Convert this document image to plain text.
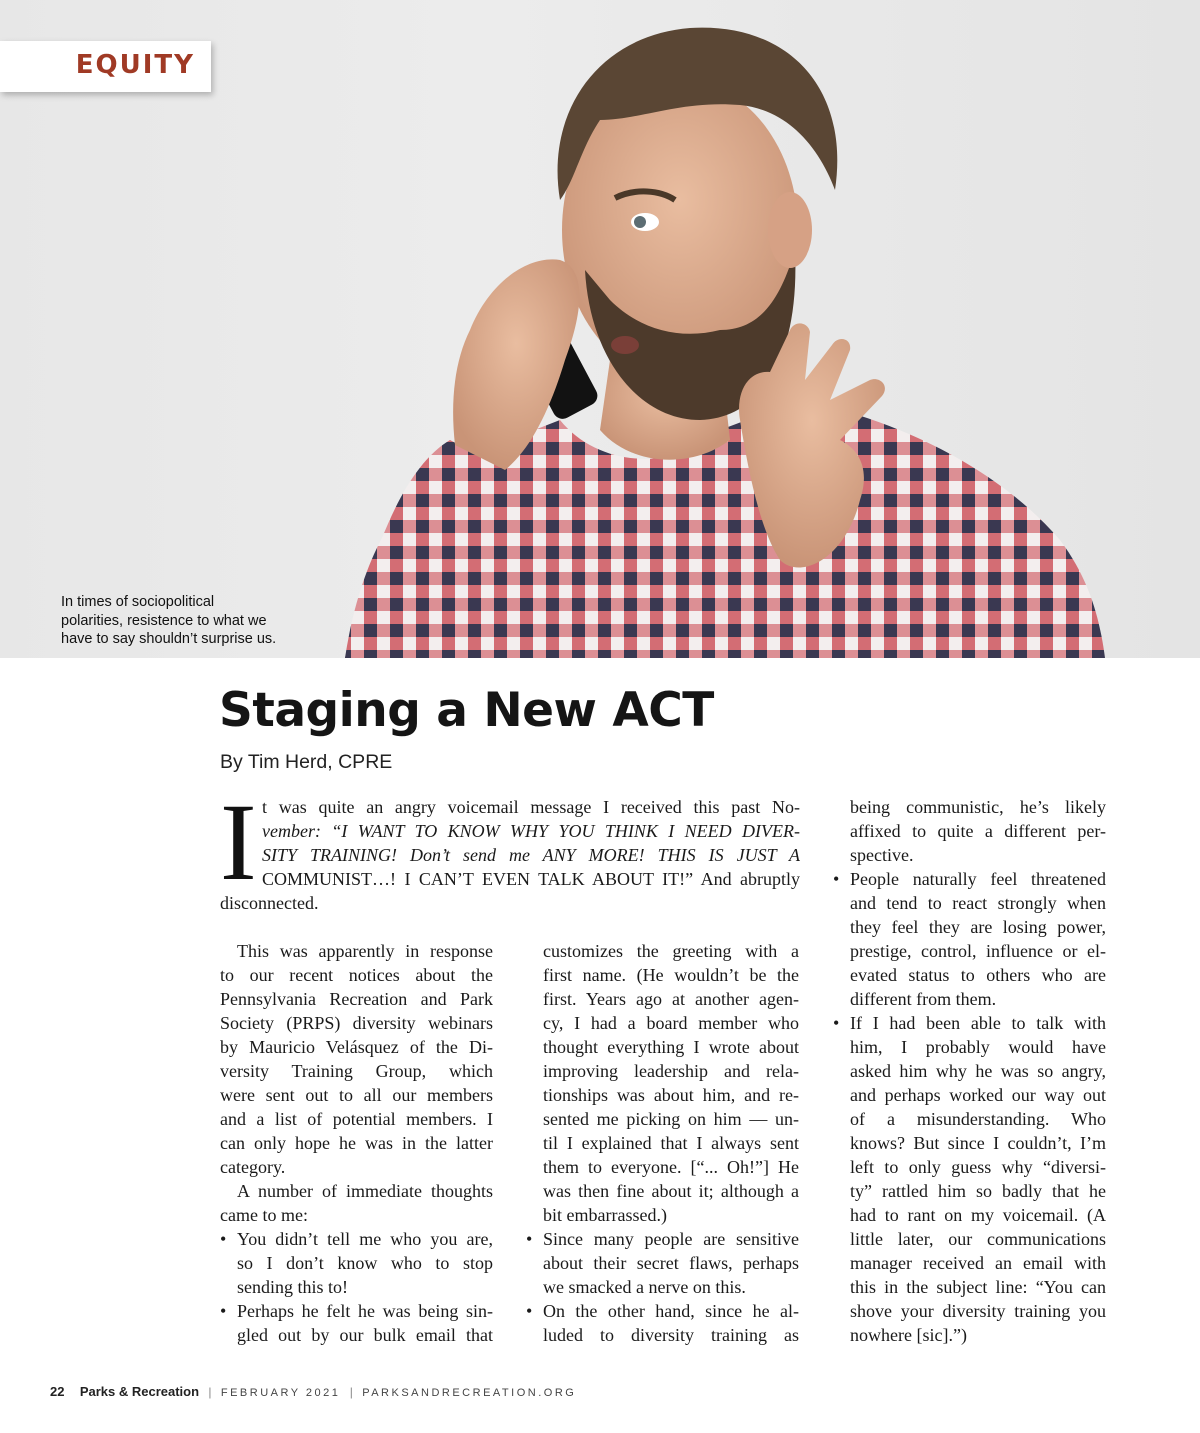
EQUITY
In times of sociopolitical
polarities, resistence to what we
have to say shouldn’t surprise us.
Staging a New ACT
By Tim Herd, CPRE
I t was quite an angry voicemail message I received this past No-
vember: “I WANT TO KNOW WHY YOU THINK I NEED DIVER-
SITY TRAINING! Don’t send me ANY MORE! THIS IS JUST A
COMMUNIST…! I CAN’T EVEN TALK ABOUT IT!” And abruptly
disconnected.
This was apparently in response
to our recent notices about the
Pennsylvania Recreation and Park
Society (PRPS) diversity webinars
by Mauricio Velásquez of the Di-
versity Training Group, which
were sent out to all our members
and a list of potential members. I
can only hope he was in the latter
category.
A number of immediate thoughts
came to me:
• You didn’t tell me who you are,
so I don’t know who to stop
sending this to!
• Perhaps he felt he was being sin-
gled out by our bulk email that
customizes the greeting with a
first name. (He wouldn’t be the
first. Years ago at another agen-
cy, I had a board member who
thought everything I wrote about
improving leadership and rela-
tionships was about him, and re-
sented me picking on him — un-
til I explained that I always sent
them to everyone. [“... Oh!”] He
was then fine about it; although a
bit embarrassed.)
• Since many people are sensitive
about their secret flaws, perhaps
we smacked a nerve on this.
• On the other hand, since he al-
luded to diversity training as
being communistic, he’s likely
affixed to quite a different per-
spective.
• People naturally feel threatened
and tend to react strongly when
they feel they are losing power,
prestige, control, influence or el-
evated status to others who are
different from them.
• If I had been able to talk with
him, I probably would have
asked him why he was so angry,
and perhaps worked our way out
of a misunderstanding. Who
knows? But since I couldn’t, I’m
left to only guess why “diversi-
ty” rattled him so badly that he
had to rant on my voicemail. (A
little later, our communications
manager received an email with
this in the subject line: “You can
shove your diversity training you
nowhere [sic].”)
22 Parks & Recreation | FEBRUARY 2021 | PARKSANDRECREATION.ORG
